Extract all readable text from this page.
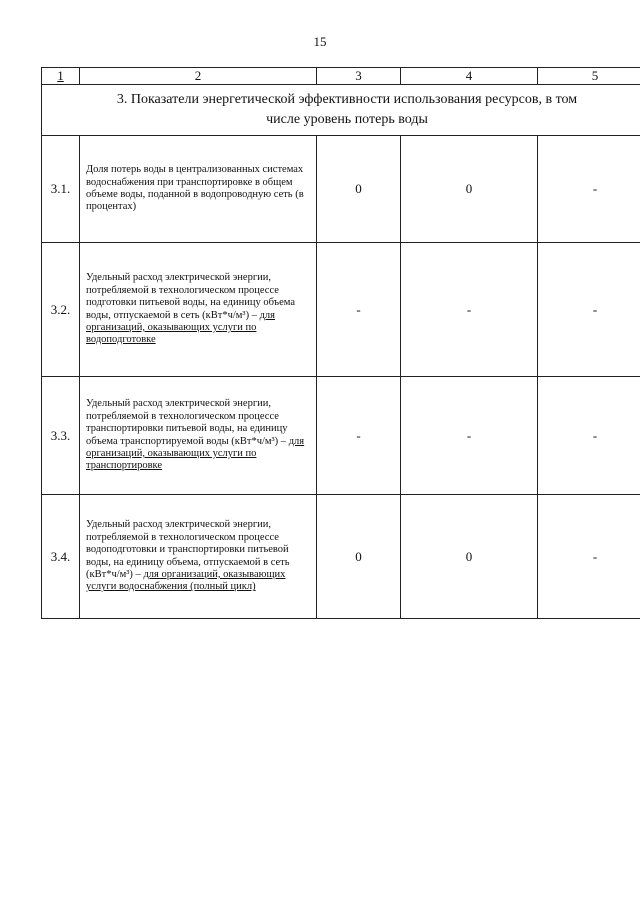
15
1	2	3	4	5
3. Показатели энергетической эффективности использования ресурсов, в том
числе уровень потерь воды				
3.1.	Доля потерь воды в централизованных системах водоснабжения при транспортировке в общем объеме воды, поданной в водопроводную сеть (в процентах)	0	0	-
3.2.	Удельный расход электрической энергии, потребляемой в технологическом процессе подготовки питьевой воды, на единицу объема воды, отпускаемой в сеть (кВт*ч/м³) – для организаций, оказывающих услуги по водоподготовке	-	-	-
3.3.	Удельный расход электрической энергии, потребляемой в технологическом процессе транспортировки питьевой воды, на единицу объема транспортируемой воды (кВт*ч/м³) – для организаций, оказывающих услуги по транспортировке	-	-	-
3.4.	Удельный расход электрической энергии, потребляемой в технологическом процессе водоподготовки и транспортировки питьевой воды, на единицу объема, отпускаемой в сеть (кВт*ч/м³) – для организаций, оказывающих услуги водоснабжения (полный цикл)	0	0	-
